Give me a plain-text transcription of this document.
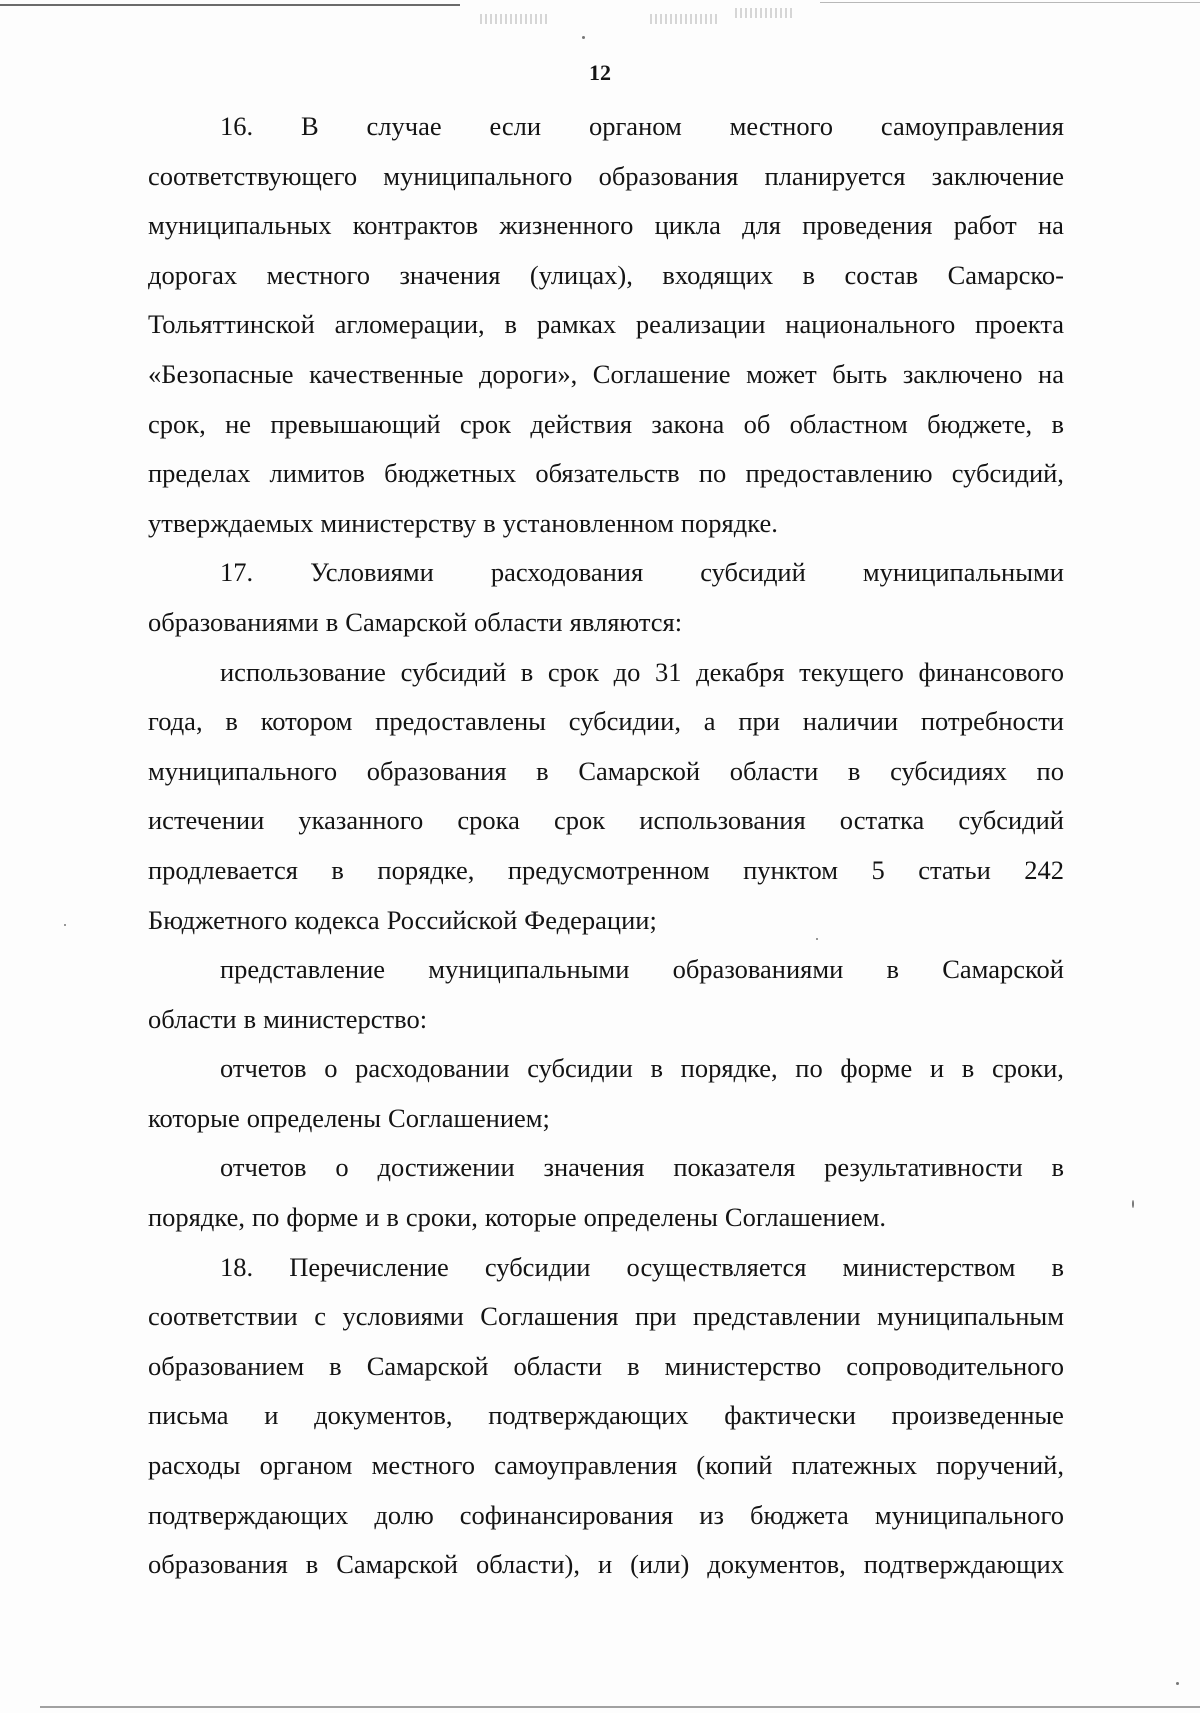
12
16. В случае если органом местного самоуправления
соответствующего муниципального образования планируется заключение
муниципальных контрактов жизненного цикла для проведения работ на
дорогах местного значения (улицах), входящих в состав Самарско-
Тольяттинской агломерации, в рамках реализации национального проекта
«Безопасные качественные дороги», Соглашение может быть заключено на
срок, не превышающий срок действия закона об областном бюджете, в
пределах лимитов бюджетных обязательств по предоставлению субсидий,
утверждаемых министерству в установленном порядке.
17. Условиями расходования субсидий муниципальными
образованиями в Самарской области являются:
использование субсидий в срок до 31 декабря текущего финансового
года, в котором предоставлены субсидии, а при наличии потребности
муниципального образования в Самарской области в субсидиях по
истечении указанного срока срок использования остатка субсидий
продлевается в порядке, предусмотренном пунктом 5 статьи 242
Бюджетного кодекса Российской Федерации;
представление муниципальными образованиями в Самарской
области в министерство:
отчетов о расходовании субсидии в порядке, по форме и в сроки,
которые определены Соглашением;
отчетов о достижении значения показателя результативности в
порядке, по форме и в сроки, которые определены Соглашением.
18. Перечисление субсидии осуществляется министерством в
соответствии с условиями Соглашения при представлении муниципальным
образованием в Самарской области в министерство сопроводительного
письма и документов, подтверждающих фактически произведенные
расходы органом местного самоуправления (копий платежных поручений,
подтверждающих долю софинансирования из бюджета муниципального
образования в Самарской области), и (или) документов, подтверждающих
